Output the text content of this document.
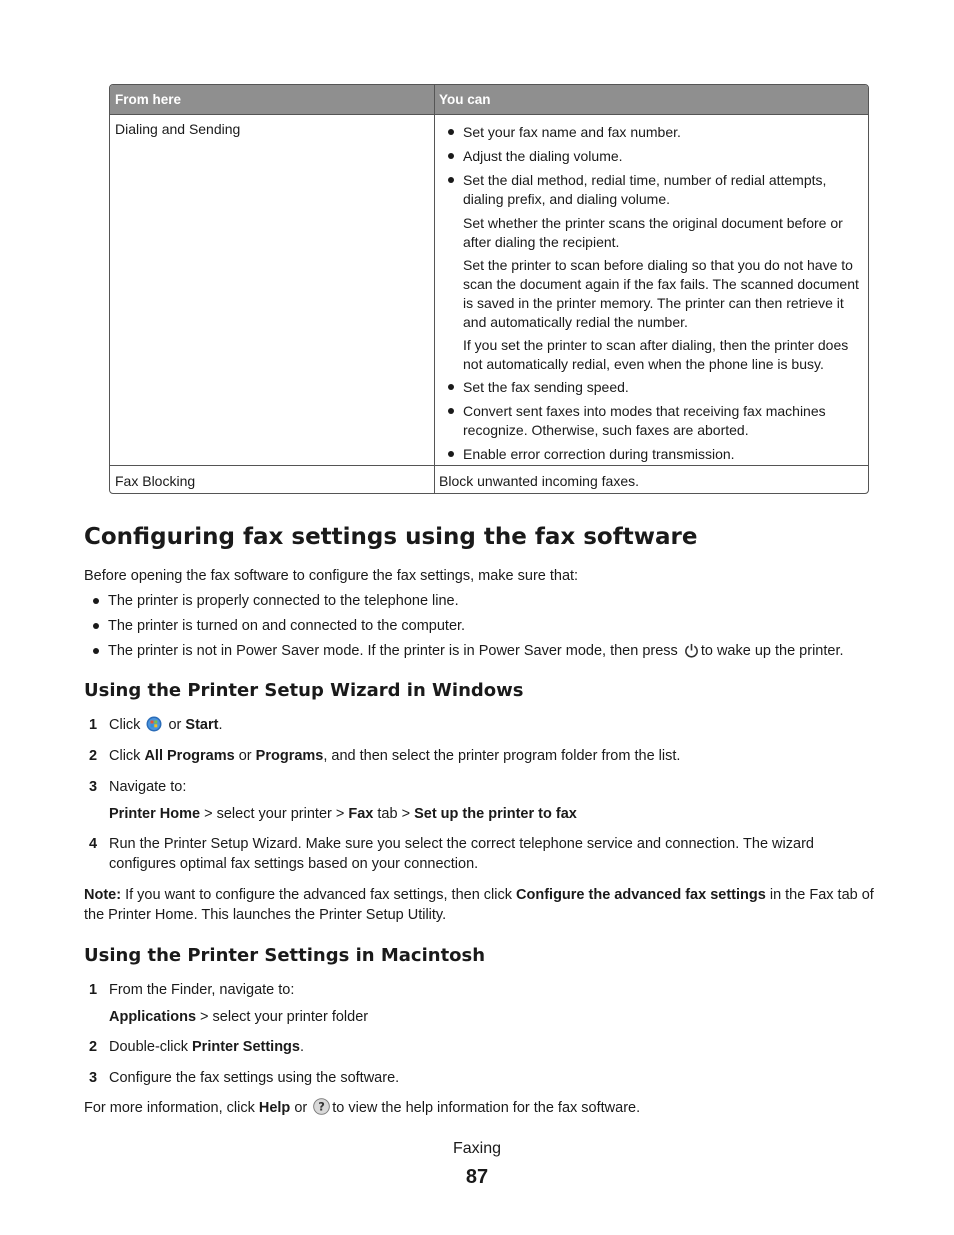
From here	You can
Dialing and Sending	Set your fax name and fax number.
Adjust the dialing volume.
Set the dial method, redial time, number of redial attempts, dialing prefix, and dialing volume.
Set whether the printer scans the original document before or after dialing the recipient.
Set the printer to scan before dialing so that you do not have to scan the document again if the fax fails. The scanned document is saved in the printer memory. The printer can then retrieve it and automatically redial the number.
If you set the printer to scan after dialing, then the printer does not automatically redial, even when the phone line is busy.
Set the fax sending speed.
Convert sent faxes into modes that receiving fax machines recognize. Otherwise, such faxes are aborted.
Enable error correction during transmission.
Fax Blocking	Block unwanted incoming faxes.
Configuring fax settings using the fax software
Before opening the fax software to configure the fax settings, make sure that:
The printer is properly connected to the telephone line.
The printer is turned on and connected to the computer.
The printer is not in Power Saver mode. If the printer is in Power Saver mode, then press to wake up the printer.
Using the Printer Setup Wizard in Windows
1 Click or Start.
2 Click All Programs or Programs, and then select the printer program folder from the list.
3 Navigate to:
Printer Home > select your printer > Fax tab > Set up the printer to fax
4 Run the Printer Setup Wizard. Make sure you select the correct telephone service and connection. The wizard configures optimal fax settings based on your connection.
Note: If you want to configure the advanced fax settings, then click Configure the advanced fax settings in the Fax tab of the Printer Home. This launches the Printer Setup Utility.
Using the Printer Settings in Macintosh
1 From the Finder, navigate to:
Applications > select your printer folder
2 Double-click Printer Settings.
3 Configure the fax settings using the software.
For more information, click Help or ? to view the help information for the fax software.
Faxing
87
